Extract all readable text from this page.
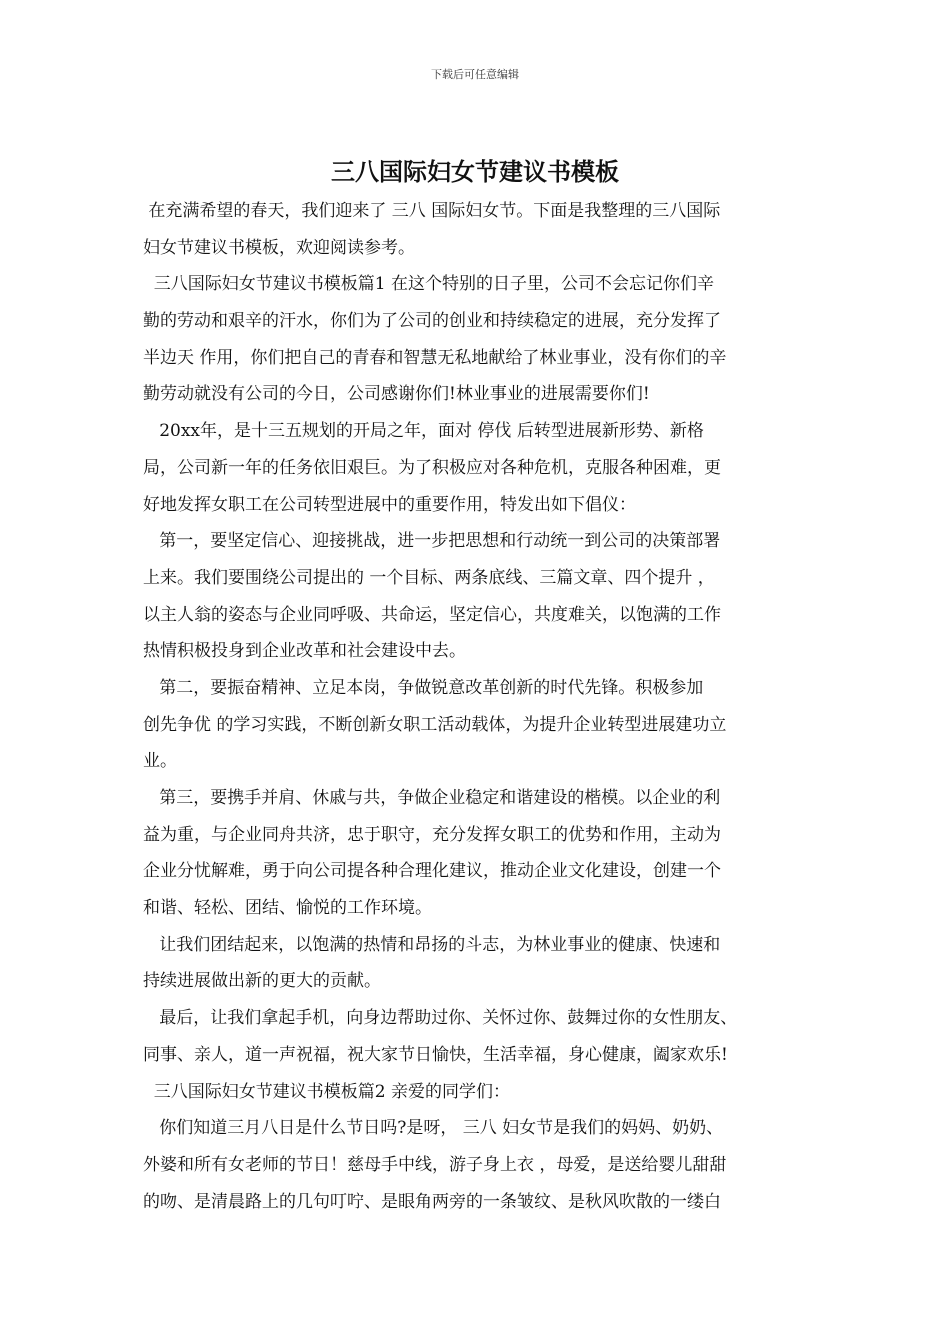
下载后可任意编辑
三八国际妇女节建议书模板
在充满希望的春天，我们迎来了 三八 国际妇女节。下面是我整理的三八国际
妇女节建议书模板，欢迎阅读参考。
三八国际妇女节建议书模板篇1 在这个特别的日子里，公司不会忘记你们辛
勤的劳动和艰辛的汗水，你们为了公司的创业和持续稳定的进展，充分发挥了
半边天 作用，你们把自己的青春和智慧无私地献给了林业事业，没有你们的辛
勤劳动就没有公司的今日，公司感谢你们!林业事业的进展需要你们!
20xx年，是十三五规划的开局之年，面对 停伐 后转型进展新形势、新格
局，公司新一年的任务依旧艰巨。为了积极应对各种危机，克服各种困难，更
好地发挥女职工在公司转型进展中的重要作用，特发出如下倡仪：
第一，要坚定信心、迎接挑战，进一步把思想和行动统一到公司的决策部署
上来。我们要围绕公司提出的 一个目标、两条底线、三篇文章、四个提升 ，
以主人翁的姿态与企业同呼吸、共命运，坚定信心，共度难关，以饱满的工作
热情积极投身到企业改革和社会建设中去。
第二，要振奋精神、立足本岗，争做锐意改革创新的时代先锋。积极参加
创先争优 的学习实践，不断创新女职工活动载体，为提升企业转型进展建功立
业。
第三，要携手并肩、休戚与共，争做企业稳定和谐建设的楷模。以企业的利
益为重，与企业同舟共济，忠于职守，充分发挥女职工的优势和作用，主动为
企业分忧解难，勇于向公司提各种合理化建议，推动企业文化建设，创建一个
和谐、轻松、团结、愉悦的工作环境。
让我们团结起来，以饱满的热情和昂扬的斗志，为林业事业的健康、快速和
持续进展做出新的更大的贡献。
最后，让我们拿起手机，向身边帮助过你、关怀过你、鼓舞过你的女性朋友、
同事、亲人，道一声祝福，祝大家节日愉快，生活幸福，身心健康，阖家欢乐!
三八国际妇女节建议书模板篇2 亲爱的同学们：
你们知道三月八日是什么节日吗?是呀， 三八 妇女节是我们的妈妈、奶奶、
外婆和所有女老师的节日！慈母手中线，游子身上衣 ，母爱，是送给婴儿甜甜
的吻、是清晨路上的几句叮咛、是眼角两旁的一条皱纹、是秋风吹散的一缕白
